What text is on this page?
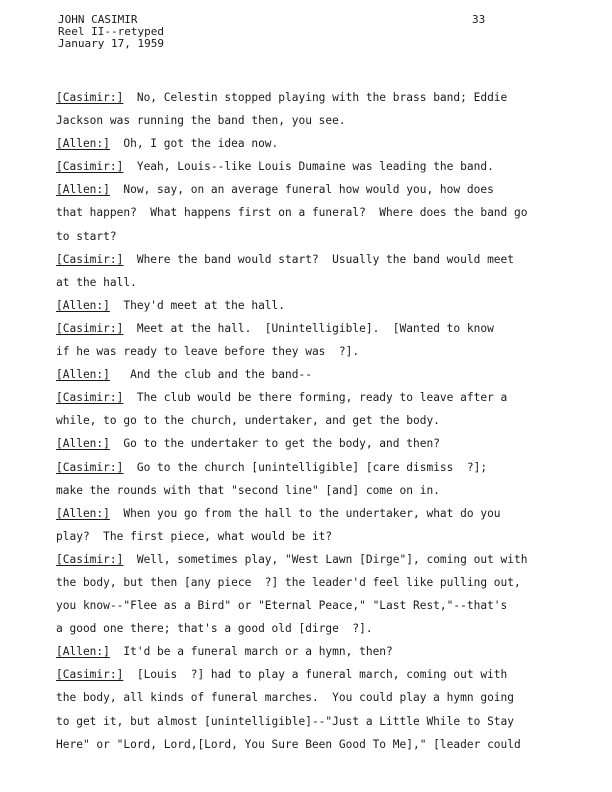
JOHN CASIMIR
Reel II--retyped
January 17, 1959
33
[Casimir:]  No, Celestin stopped playing with the brass band; Eddie
Jackson was running the band then, you see.
[Allen:]  Oh, I got the idea now.
[Casimir:]  Yeah, Louis--like Louis Dumaine was leading the band.
[Allen:]  Now, say, on an average funeral how would you, how does
that happen?  What happens first on a funeral?  Where does the band go
to start?
[Casimir:]  Where the band would start?  Usually the band would meet
at the hall.
[Allen:]  They'd meet at the hall.
[Casimir:]  Meet at the hall.  [Unintelligible].  [Wanted to know
if he was ready to leave before they was  ?].
[Allen:]   And the club and the band--
[Casimir:]  The club would be there forming, ready to leave after a
while, to go to the church, undertaker, and get the body.
[Allen:]  Go to the undertaker to get the body, and then?
[Casimir:]  Go to the church [unintelligible] [care dismiss  ?];
make the rounds with that "second line" [and] come on in.
[Allen:]  When you go from the hall to the undertaker, what do you
play?  The first piece, what would be it?
[Casimir:]  Well, sometimes play, "West Lawn [Dirge"], coming out with
the body, but then [any piece  ?] the leader'd feel like pulling out,
you know--"Flee as a Bird" or "Eternal Peace," "Last Rest,"--that's
a good one there; that's a good old [dirge  ?].
[Allen:]  It'd be a funeral march or a hymn, then?
[Casimir:]  [Louis  ?] had to play a funeral march, coming out with
the body, all kinds of funeral marches.  You could play a hymn going
to get it, but almost [unintelligible]--"Just a Little While to Stay
Here" or "Lord, Lord,[Lord, You Sure Been Good To Me]," [leader could
